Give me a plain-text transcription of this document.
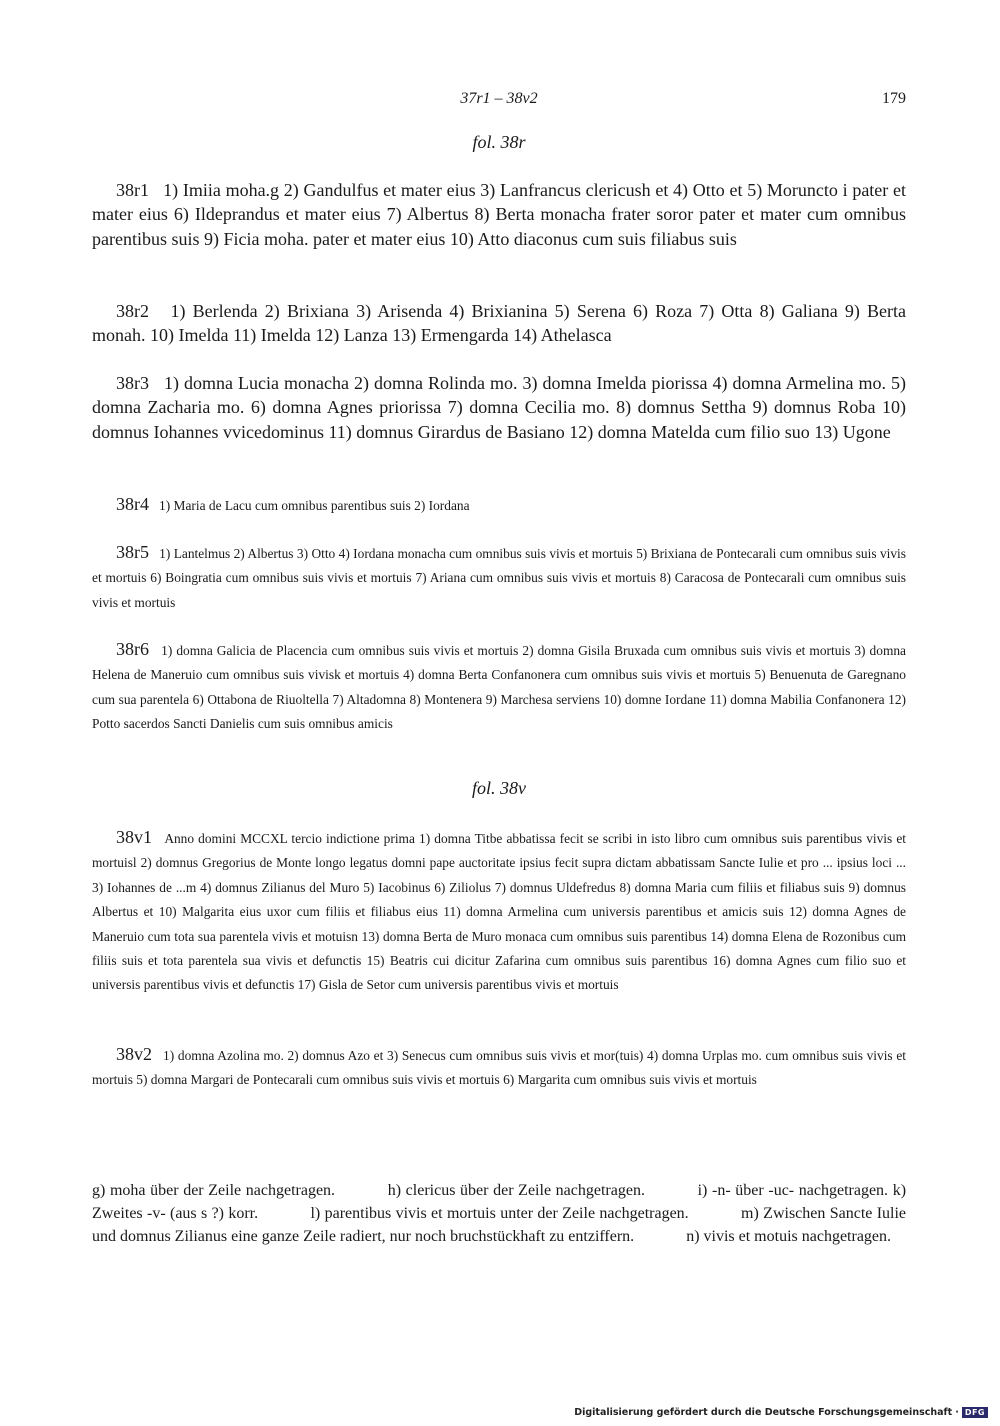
37r1 – 38v2	179
fol. 38r

38r1 1) Imiia moha.g 2) Gandulfus et mater eius 3) Lanfrancus clericush et 4) Otto et 5) Moruncto i pater et mater eius 6) Ildeprandus et mater eius 7) Albertus 8) Berta monacha frater soror pater et mater cum omnibus parentibus suis 9) Ficia moha. pater et mater eius 10) Atto diaconus cum suis filiabus suis

38r2 1) Berlenda 2) Brixiana 3) Arisenda 4) Brixianina 5) Serena 6) Roza 7) Otta 8) Galiana 9) Berta monah. 10) Imelda 11) Imelda 12) Lanza 13) Ermengarda 14) Athelasca

38r3 1) domna Lucia monacha 2) domna Rolinda mo. 3) domna Imelda piorissa 4) domna Armelina mo. 5) domna Zacharia mo. 6) domna Agnes priorissa 7) domna Cecilia mo. 8) domnus Settha 9) domnus Roba 10) domnus Iohannes vvicedominus 11) domnus Girardus de Basiano 12) domna Matelda cum filio suo 13) Ugone

38r4 1) Maria de Lacu cum omnibus parentibus suis 2) Iordana

38r5 1) Lantelmus 2) Albertus 3) Otto 4) Iordana monacha cum omnibus suis vivis et mortuis 5) Brixiana de Pontecarali cum omnibus suis vivis et mortuis 6) Boingratia cum omnibus suis vivis et mortuis 7) Ariana cum omnibus suis vivis et mortuis 8) Caracosa de Pontecarali cum omnibus suis vivis et mortuis

38r6 1) domna Galicia de Placencia cum omnibus suis vivis et mortuis 2) domna Gisila Bruxada cum omnibus suis vivis et mortuis 3) domna Helena de Maneruio cum omnibus suis vivisk et mortuis 4) domna Berta Confanonera cum omnibus suis vivis et mortuis 5) Benuenuta de Garegnano cum sua parentela 6) Ottabona de Riuoltella 7) Altadomna 8) Montenera 9) Marchesa serviens 10) domne Iordane 11) domna Mabilia Confanonera 12) Potto sacerdos Sancti Danielis cum suis omnibus amicis

fol. 38v

38v1 Anno domini MCCXL tercio indictione prima 1) domna Titbe abbatissa fecit se scribi in isto libro cum omnibus suis parentibus vivis et mortuisl 2) domnus Gregorius de Monte longo legatus domni pape auctoritate ipsius fecit supra dictam abbatissam Sancte Iulie et pro ... ipsius loci ... 3) Iohannes de ...m 4) domnus Zilianus del Muro 5) Iacobinus 6) Ziliolus 7) domnus Uldefredus 8) domna Maria cum filiis et filiabus suis 9) domnus Albertus et 10) Malgarita eius uxor cum filiis et filiabus eius 11) domna Armelina cum universis parentibus et amicis suis 12) domna Agnes de Maneruio cum tota sua parentela vivis et motuisn 13) domna Berta de Muro monaca cum omnibus suis parentibus 14) domna Elena de Rozonibus cum filiis suis et tota parentela sua vivis et defunctis 15) Beatris cui dicitur Zafarina cum omnibus suis parentibus 16) domna Agnes cum filio suo et universis parentibus vivis et defunctis 17) Gisla de Setor cum universis parentibus vivis et mortuis

38v2 1) domna Azolina mo. 2) domnus Azo et 3) Senecus cum omnibus suis vivis et mor(tuis) 4) domna Urplas mo. cum omnibus suis vivis et mortuis 5) domna Margari de Pontecarali cum omnibus suis vivis et mortuis 6) Margarita cum omnibus suis vivis et mortuis

g) moha über der Zeile nachgetragen.	h) clericus über der Zeile nachgetragen.	i) -n- über -uc- nachgetragen. k) Zweites -v- (aus s ?) korr.	l) parentibus vivis et mortuis unter der Zeile nachgetragen.	m) Zwischen Sancte Iulie und domnus Zilianus eine ganze Zeile radiert, nur noch bruchstückhaft zu entziffern.	n) vivis et motuis nachgetragen.

Digitalisierung gefördert durch die Deutsche Forschungsgemeinschaft · DFG
